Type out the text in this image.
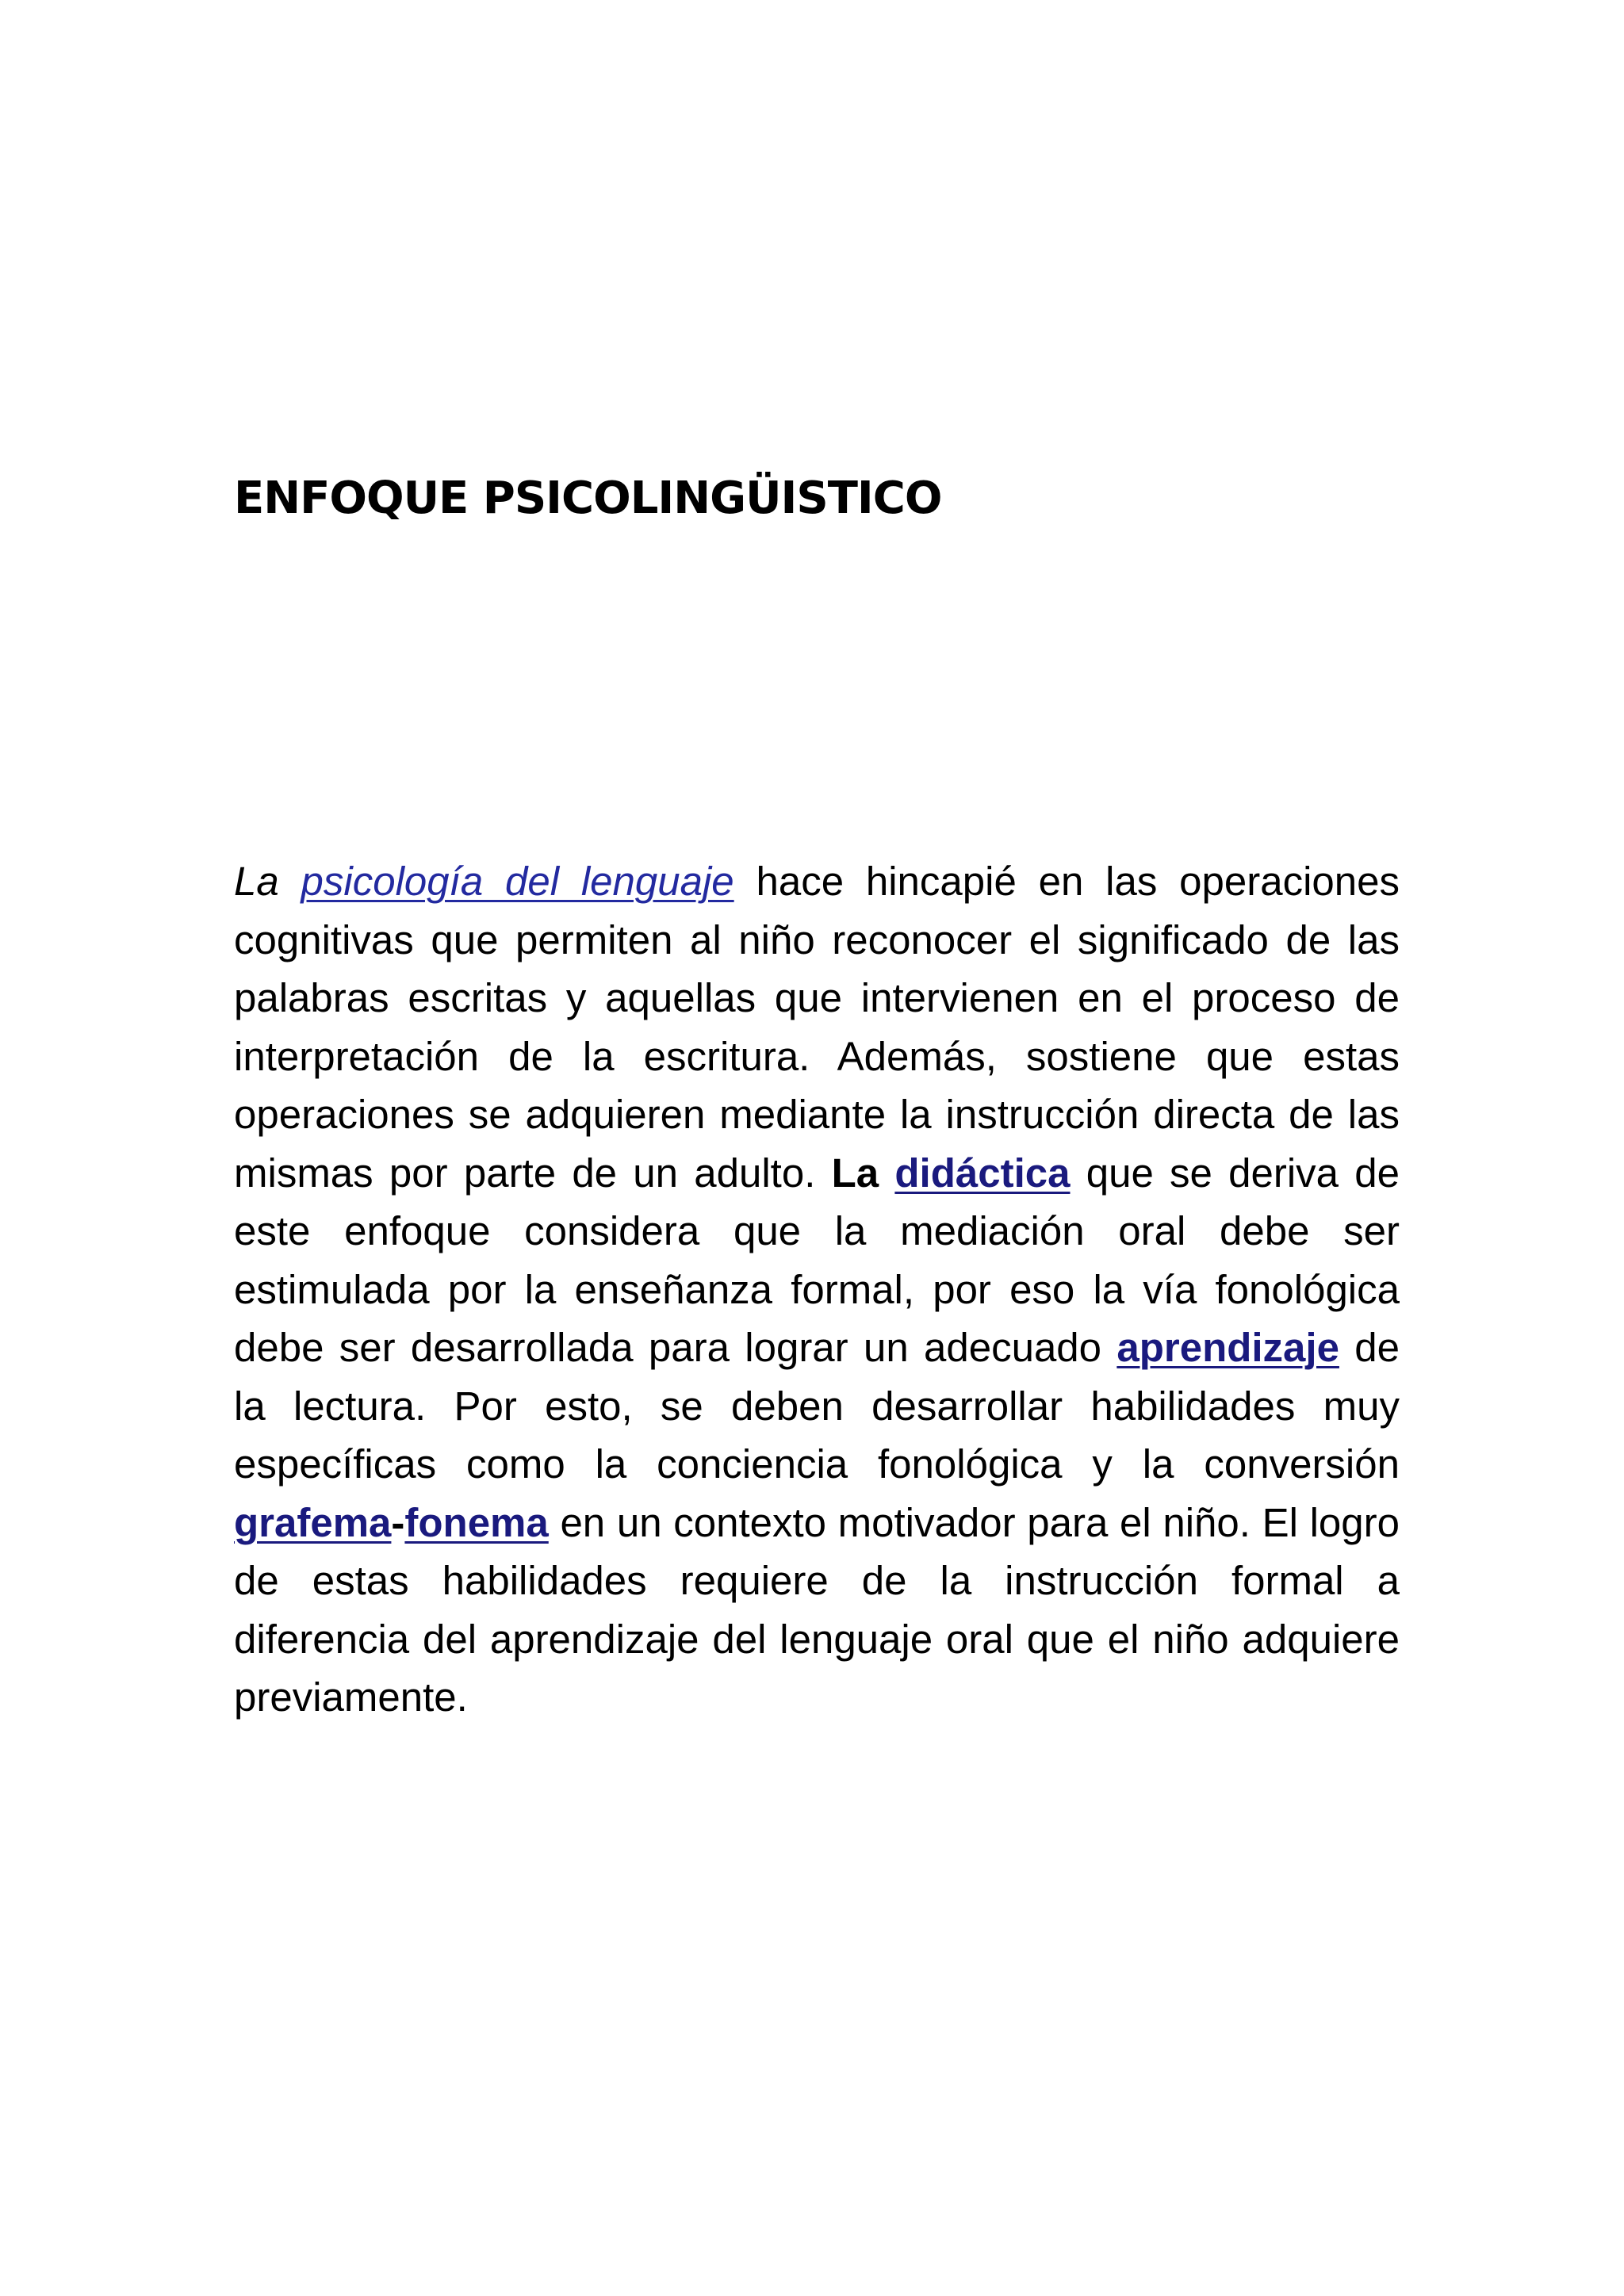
ENFOQUE PSICOLINGÜISTICO

La psicología del lenguaje hace hincapié en las operaciones cognitivas que permiten al niño reconocer el significado de las palabras escritas y aquellas que intervienen en el proceso de interpretación de la escritura. Además, sostiene que estas operaciones se adquieren mediante la instrucción directa de las mismas por parte de un adulto. La didáctica que se deriva de este enfoque considera que la mediación oral debe ser estimulada por la enseñanza formal, por eso la vía fonológica debe ser desarrollada para lograr un adecuado aprendizaje de la lectura. Por esto, se deben desarrollar habilidades muy específicas como la conciencia fonológica y la conversión grafema-fonema en un contexto motivador para el niño. El logro de estas habilidades requiere de la instrucción formal a diferencia del aprendizaje del lenguaje oral que el niño adquiere previamente.
